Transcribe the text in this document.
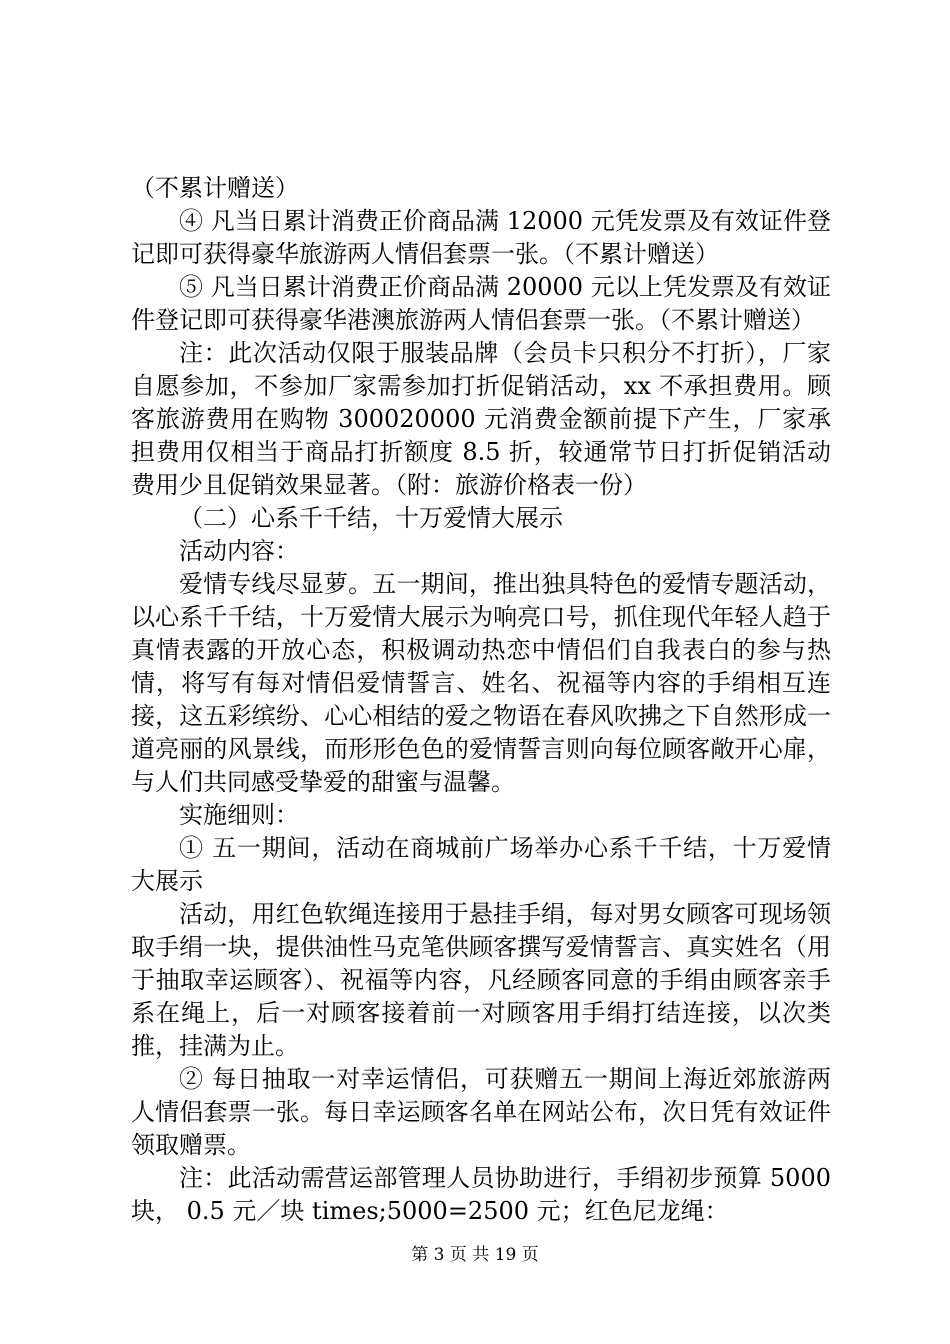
（不累计赠送）

④ 凡当日累计消费正价商品满 12000 元凭发票及有效证件登记即可获得豪华旅游两人情侣套票一张。（不累计赠送）

⑤ 凡当日累计消费正价商品满 20000 元以上凭发票及有效证件登记即可获得豪华港澳旅游两人情侣套票一张。（不累计赠送）

注：此次活动仅限于服装品牌（会员卡只积分不打折），厂家自愿参加，不参加厂家需参加打折促销活动，xx 不承担费用。顾客旅游费用在购物 300020000 元消费金额前提下产生，厂家承担费用仅相当于商品打折额度 8.5 折，较通常节日打折促销活动费用少且促销效果显著。（附：旅游价格表一份）

（二）心系千千结，十万爱情大展示

活动内容：

爱情专线尽显萝。五一期间，推出独具特色的爱情专题活动，以心系千千结，十万爱情大展示为响亮口号，抓住现代年轻人趋于真情表露的开放心态，积极调动热恋中情侣们自我表白的参与热情，将写有每对情侣爱情誓言、姓名、祝福等内容的手绢相互连接，这五彩缤纷、心心相结的爱之物语在春风吹拂之下自然形成一道亮丽的风景线，而形形色色的爱情誓言则向每位顾客敞开心扉，与人们共同感受挚爱的甜蜜与温馨。

实施细则：

① 五一期间，活动在商城前广场举办心系千千结，十万爱情大展示

活动，用红色软绳连接用于悬挂手绢，每对男女顾客可现场领取手绢一块，提供油性马克笔供顾客撰写爱情誓言、真实姓名（用于抽取幸运顾客）、祝福等内容，凡经顾客同意的手绢由顾客亲手系在绳上，后一对顾客接着前一对顾客用手绢打结连接，以次类推，挂满为止。

② 每日抽取一对幸运情侣，可获赠五一期间上海近郊旅游两人情侣套票一张。每日幸运顾客名单在网站公布，次日凭有效证件领取赠票。

注：此活动需营运部管理人员协助进行，手绢初步预算 5000 块， 0.5 元／块 times;5000=2500 元；红色尼龙绳：

第 3 页 共 19 页
